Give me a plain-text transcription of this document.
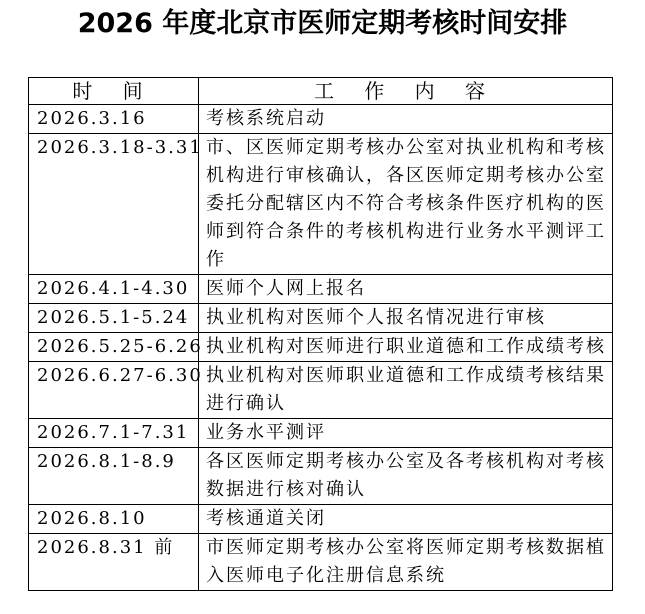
2026 年度北京市医师定期考核时间安排
时 间	工 作 内 容
2026.3.16	考核系统启动
2026.3.18-3.31	市、区医师定期考核办公室对执业机构和考核机构进行审核确认，各区医师定期考核办公室委托分配辖区内不符合考核条件医疗机构的医师到符合条件的考核机构进行业务水平测评工作
2026.4.1-4.30	医师个人网上报名
2026.5.1-5.24	执业机构对医师个人报名情况进行审核
2026.5.25-6.26	执业机构对医师进行职业道德和工作成绩考核
2026.6.27-6.30	执业机构对医师职业道德和工作成绩考核结果进行确认
2026.7.1-7.31	业务水平测评
2026.8.1-8.9	各区医师定期考核办公室及各考核机构对考核数据进行核对确认
2026.8.10	考核通道关闭
2026.8.31 前	市医师定期考核办公室将医师定期考核数据植入医师电子化注册信息系统
